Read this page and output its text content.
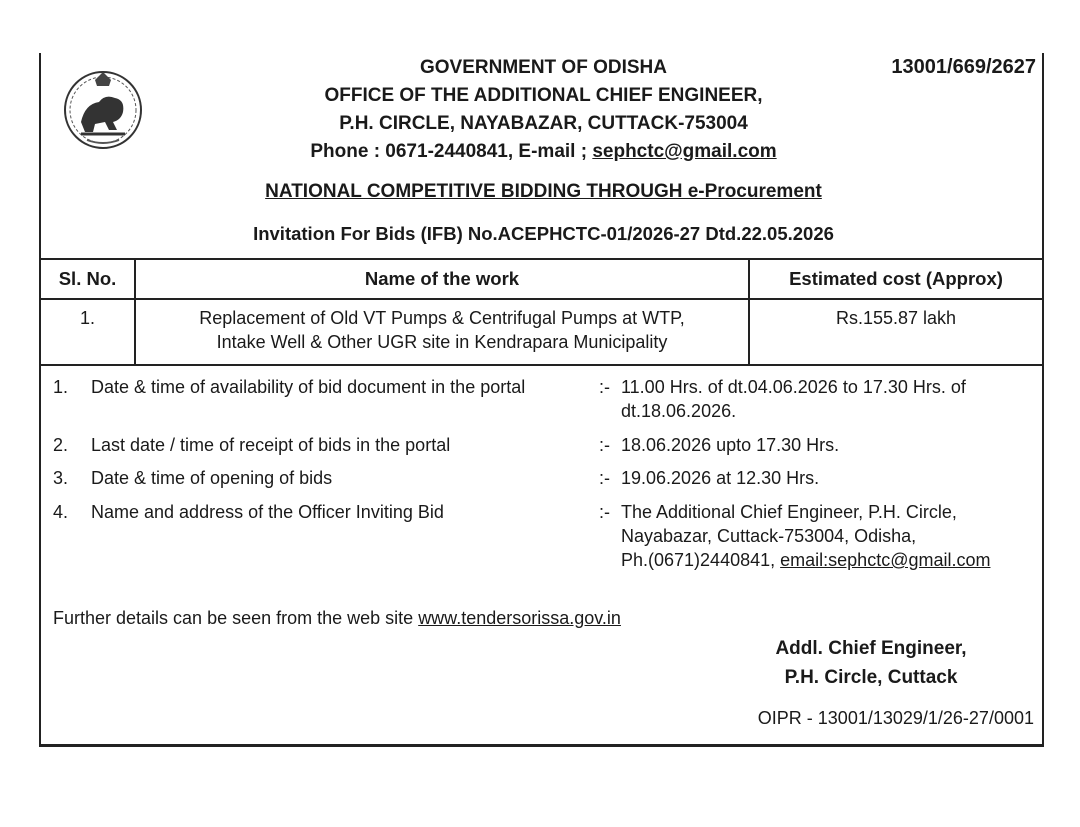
13001/669/2627
GOVERNMENT OF ODISHA
OFFICE OF THE ADDITIONAL CHIEF ENGINEER,
P.H. CIRCLE, NAYABAZAR, CUTTACK-753004
Phone : 0671-2440841, E-mail ; sephctc@gmail.com
NATIONAL COMPETITIVE BIDDING THROUGH e-Procurement
Invitation For Bids (IFB) No.ACEPHCTC-01/2026-27 Dtd.22.05.2026
Sl. No.	Name of the work	Estimated cost (Approx)
1.	Replacement of Old VT Pumps & Centrifugal Pumps at WTP,
Intake Well & Other UGR site in Kendrapara Municipality	Rs.155.87 lakh
1. Date & time of availability of bid document in the portal	:- 11.00 Hrs. of dt.04.06.2026 to 17.30 Hrs. of
dt.18.06.2026.
2. Last date / time of receipt of bids in the portal	:- 18.06.2026 upto 17.30 Hrs.
3. Date & time of opening of bids	:- 19.06.2026 at 12.30 Hrs.
4. Name and address of the Officer Inviting Bid	:- The Additional Chief Engineer, P.H. Circle,
Nayabazar, Cuttack-753004, Odisha,
Ph.(0671)2440841, email:sephctc@gmail.com
Further details can be seen from the web site www.tendersorissa.gov.in
Addl. Chief Engineer,
P.H. Circle, Cuttack
OIPR - 13001/13029/1/26-27/0001
